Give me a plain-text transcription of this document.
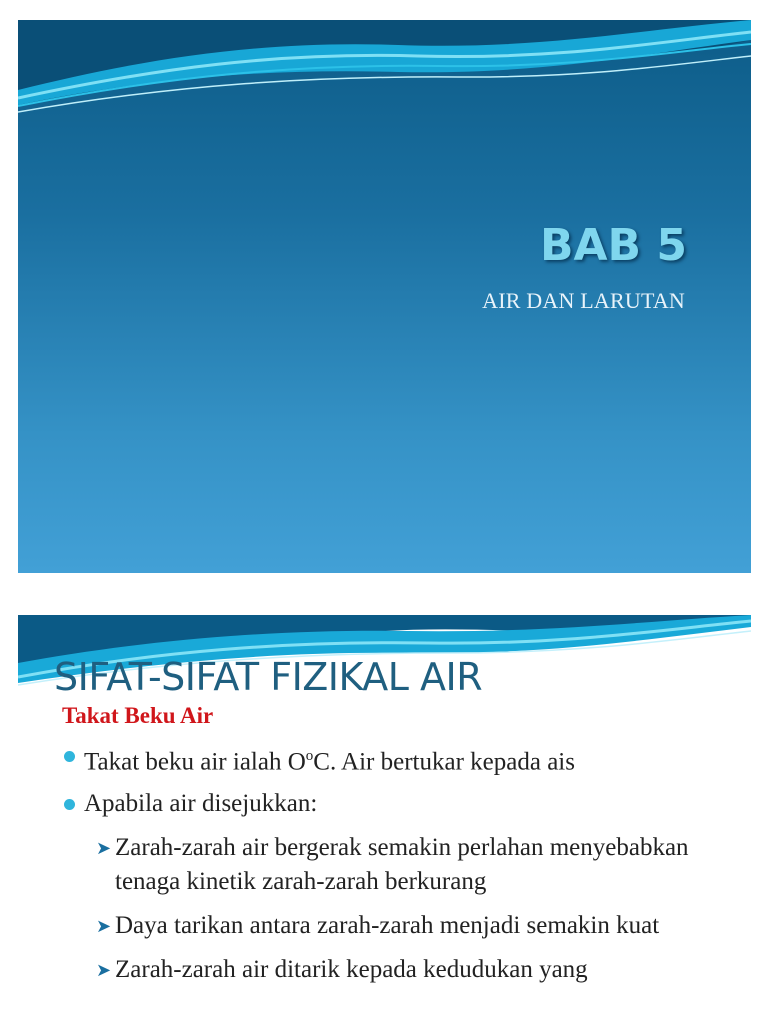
BAB 5

AIR DAN LARUTAN

SIFAT-SIFAT FIZIKAL AIR
Takat Beku Air
Takat beku air ialah $O^oC$. Air bertukar kepada ais
Apabila air disejukkan:
➤ Zarah-zarah air bergerak semakin perlahan menyebabkan tenaga kinetik zarah-zarah berkurang
➤ Daya tarikan antara zarah-zarah menjadi semakin kuat
➤ Zarah-zarah air ditarik kepada kedudukan yang
